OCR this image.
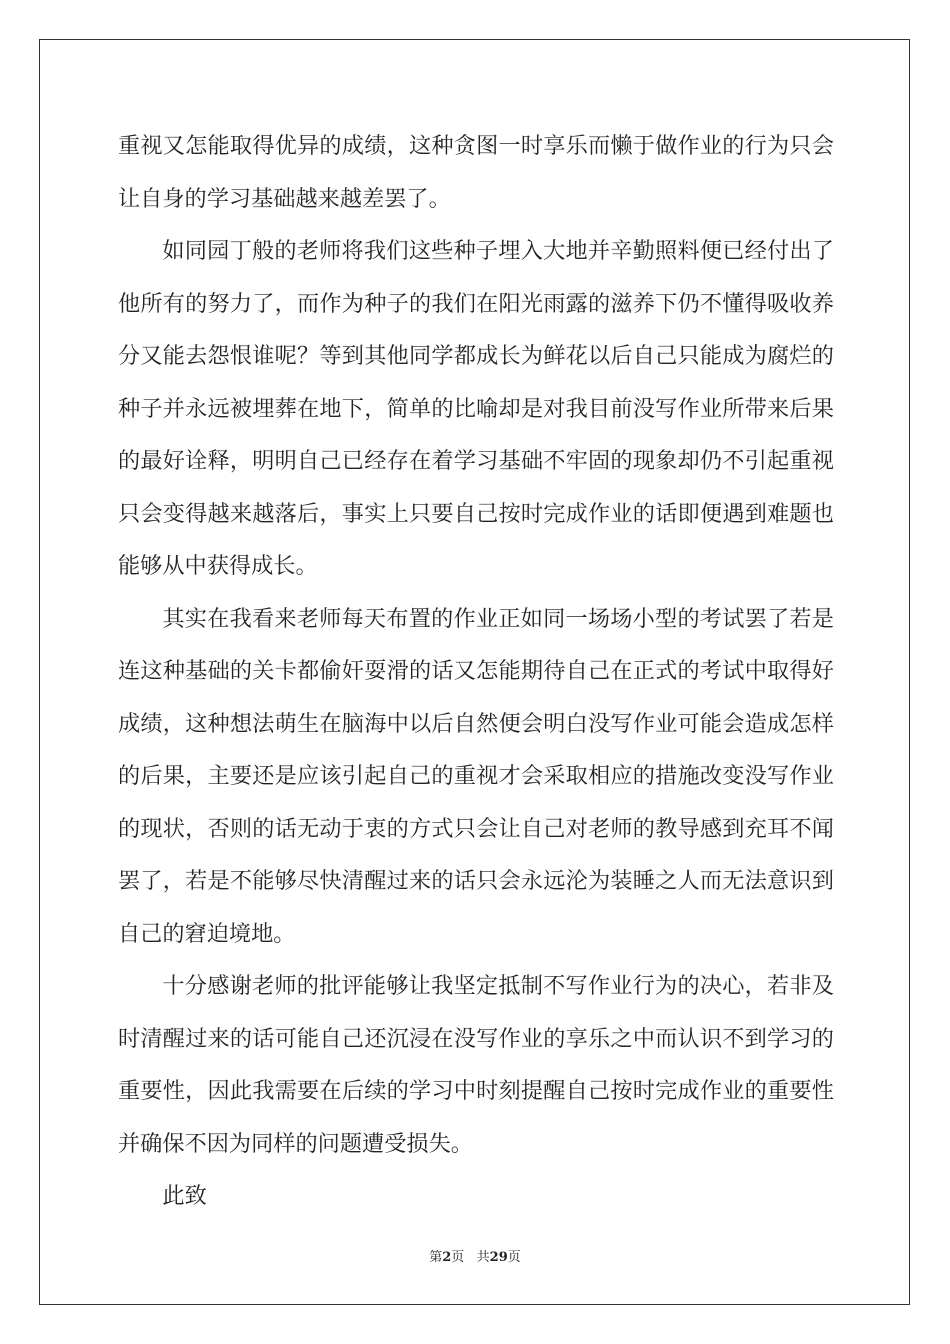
重视又怎能取得优异的成绩，这种贪图一时享乐而懒于做作业的行为只会让自身的学习基础越来越差罢了。

如同园丁般的老师将我们这些种子埋入大地并辛勤照料便已经付出了他所有的努力了，而作为种子的我们在阳光雨露的滋养下仍不懂得吸收养分又能去怨恨谁呢？等到其他同学都成长为鲜花以后自己只能成为腐烂的种子并永远被埋葬在地下，简单的比喻却是对我目前没写作业所带来后果的最好诠释，明明自己已经存在着学习基础不牢固的现象却仍不引起重视只会变得越来越落后，事实上只要自己按时完成作业的话即便遇到难题也能够从中获得成长。

其实在我看来老师每天布置的作业正如同一场场小型的考试罢了若是连这种基础的关卡都偷奸耍滑的话又怎能期待自己在正式的考试中取得好成绩，这种想法萌生在脑海中以后自然便会明白没写作业可能会造成怎样的后果，主要还是应该引起自己的重视才会采取相应的措施改变没写作业的现状，否则的话无动于衷的方式只会让自己对老师的教导感到充耳不闻罢了，若是不能够尽快清醒过来的话只会永远沦为装睡之人而无法意识到自己的窘迫境地。

十分感谢老师的批评能够让我坚定抵制不写作业行为的决心，若非及时清醒过来的话可能自己还沉浸在没写作业的享乐之中而认识不到学习的重要性，因此我需要在后续的学习中时刻提醒自己按时完成作业的重要性并确保不因为同样的问题遭受损失。

此致

第2页   共29页
